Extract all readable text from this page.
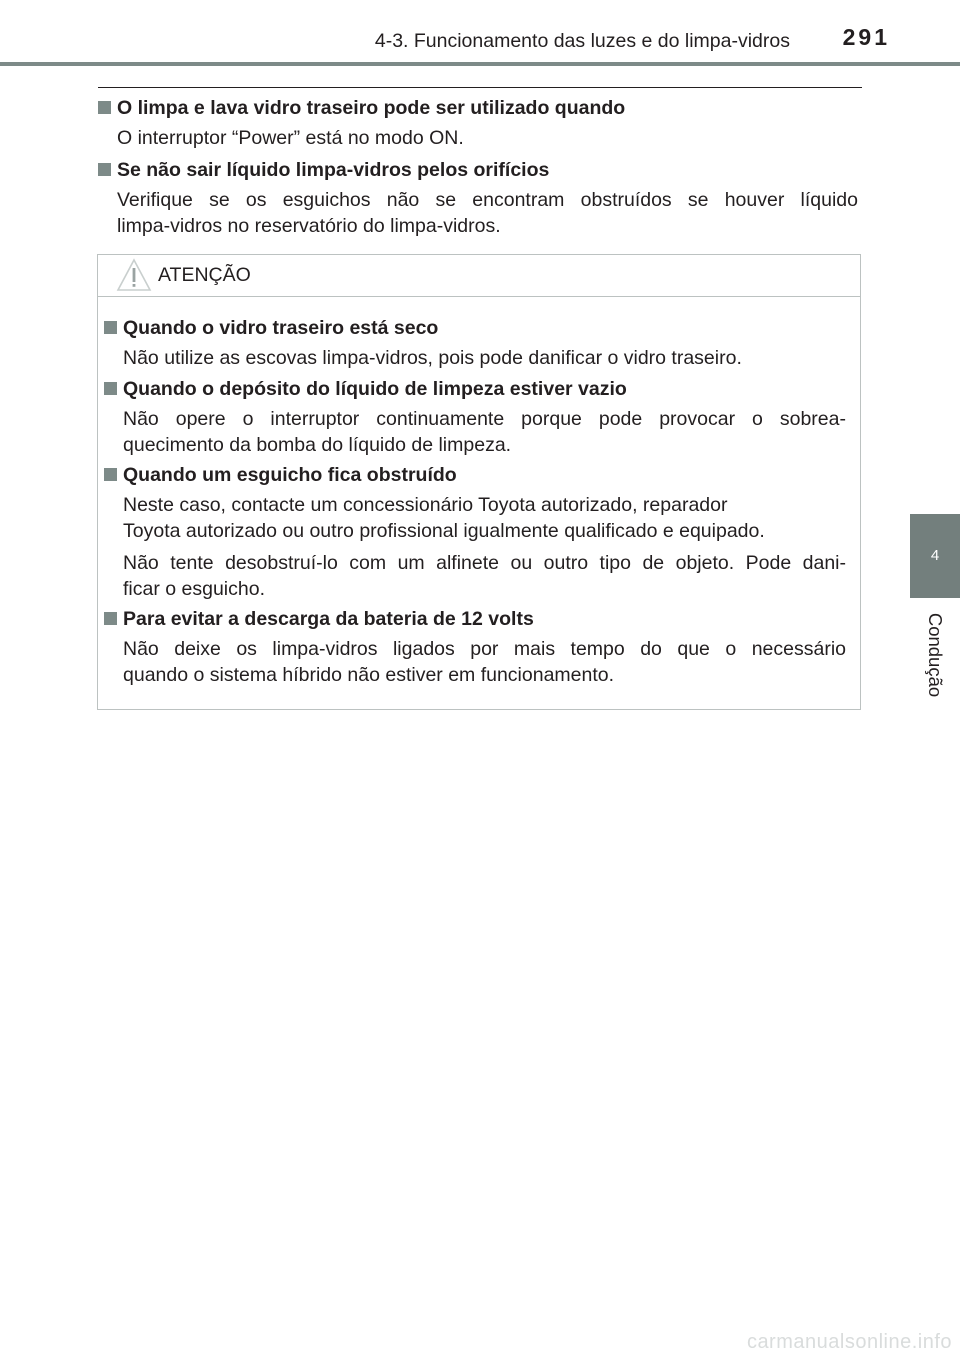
4-3. Funcionamento das luzes e do limpa-vidros 291
4
Condução
O limpa e lava vidro traseiro pode ser utilizado quando
O interruptor “Power” está no modo ON.
Se não sair líquido limpa-vidros pelos orifícios
Verifique se os esguichos não se encontram obstruídos se houver líquido
limpa-vidros no reservatório do limpa-vidros.
ATENÇÃO
Quando o vidro traseiro está seco
Não utilize as escovas limpa-vidros, pois pode danificar o vidro traseiro.
Quando o depósito do líquido de limpeza estiver vazio
Não opere o interruptor continuamente porque pode provocar o sobrea-
quecimento da bomba do líquido de limpeza.
Quando um esguicho fica obstruído
Neste caso, contacte um concessionário Toyota autorizado, reparador
Toyota autorizado ou outro profissional igualmente qualificado e equipado.
Não tente desobstruí-lo com um alfinete ou outro tipo de objeto. Pode dani-
ficar o esguicho.
Para evitar a descarga da bateria de 12 volts
Não deixe os limpa-vidros ligados por mais tempo do que o necessário
quando o sistema híbrido não estiver em funcionamento.
carmanualsonline.info
